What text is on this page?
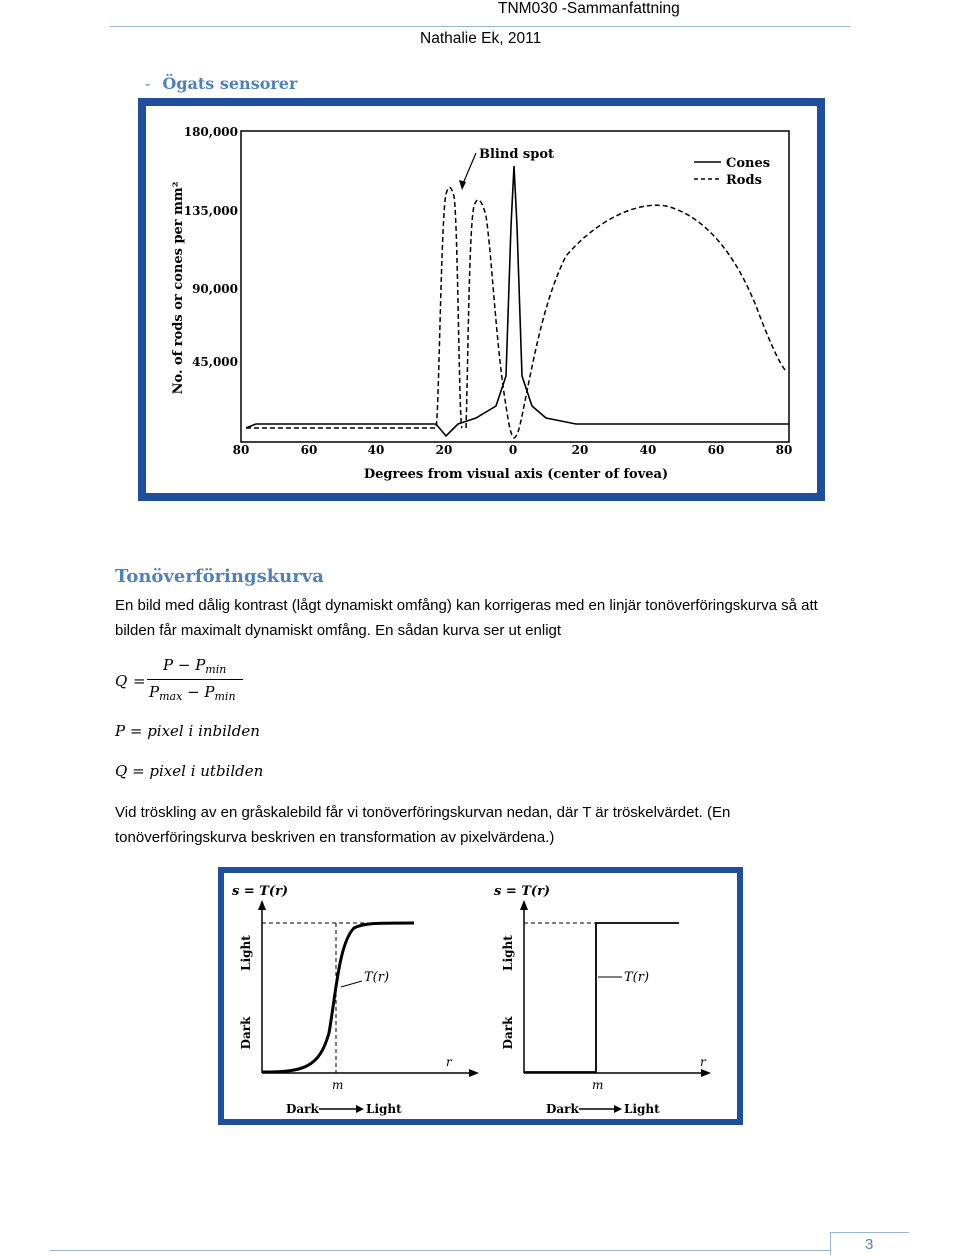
TNM030 -Sammanfattning
Nathalie Ek, 2011
- Ögats sensorer
No. of rods or cones per mm²
180,000
135,000
90,000
45,000
80	60	40	20	0	20	40	60	80
Degrees from visual axis (center of fovea)
Blind spot
Cones
Rods
Tonöverföringskurva
En bild med dålig kontrast (lågt dynamiskt omfång) kan korrigeras med en linjär tonöverföringskurva så att bilden får maximalt dynamiskt omfång. En sådan kurva ser ut enligt
Q =
$P - P_{min}$
$P_{max} - P_{min}$
P = pixel i inbilden
Q = pixel i utbilden
Vid tröskling av en gråskalebild får vi tonöverföringskurvan nedan, där T är tröskelvärdet. (En tonöverföringskurva beskriven en transformation av pixelvärdena.)
s = T(r)
Light
Dark
T(r)
m
r
Dark	Light
s = T(r)
Light
Dark
T(r)
m
r
Dark	Light
3
